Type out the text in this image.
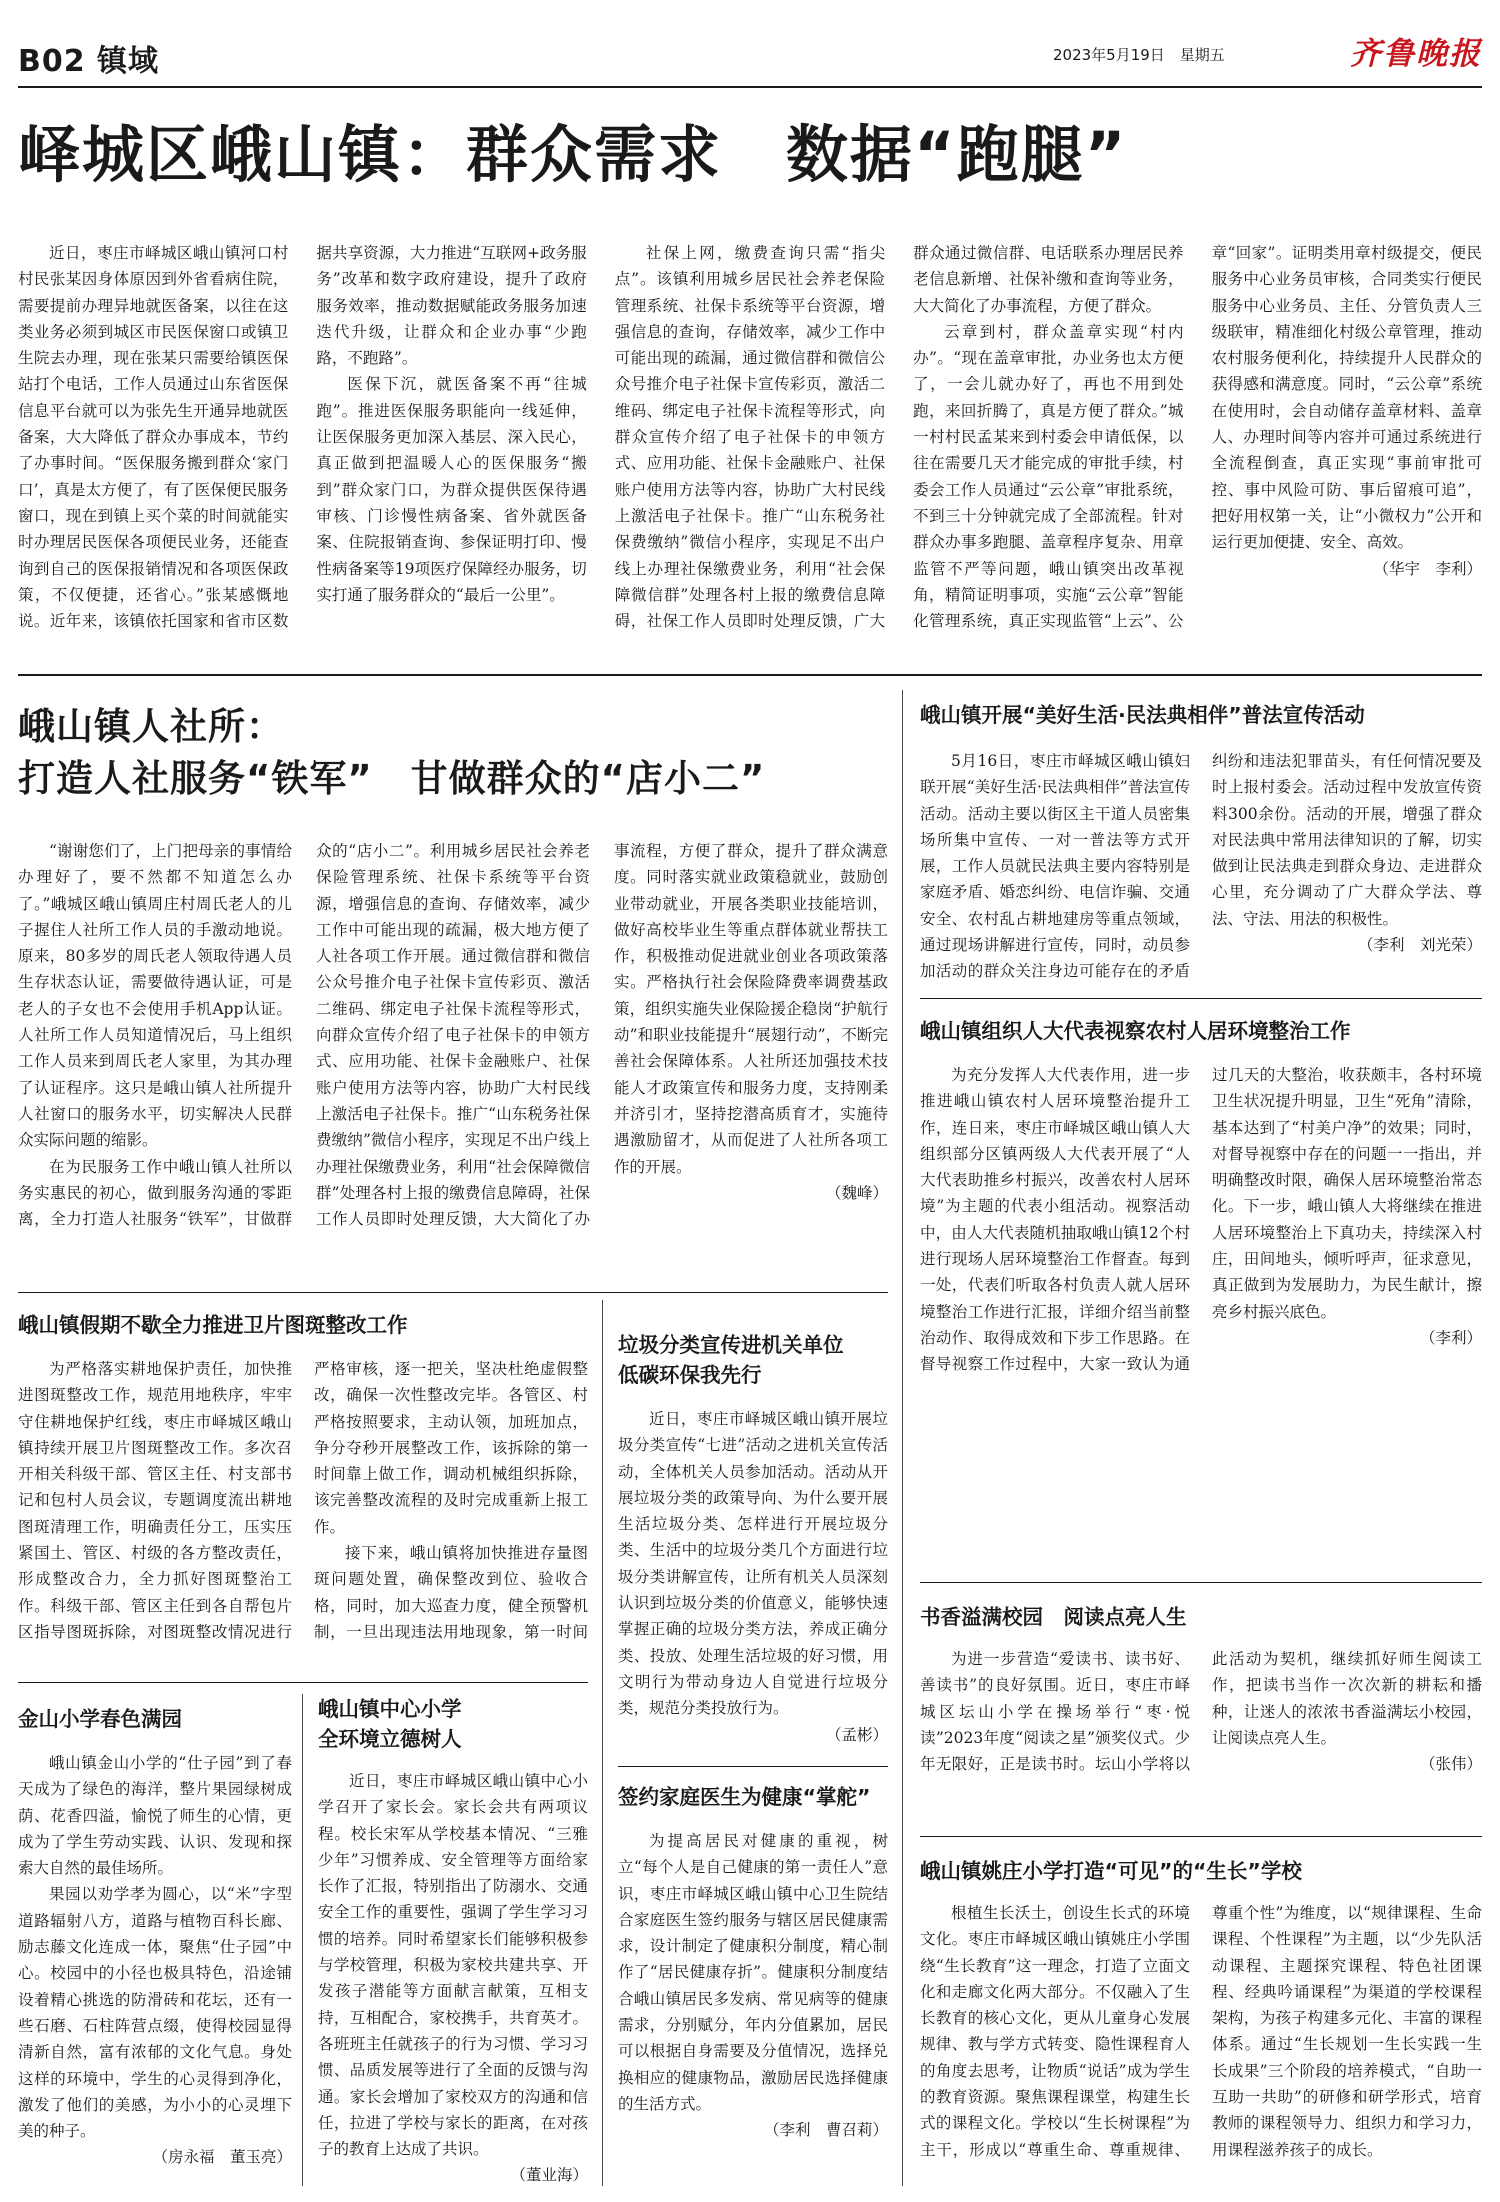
B02 镇域	2023年5月19日　星期五	齐鲁晚报
峄城区峨山镇：群众需求　数据“跑腿”

近日，枣庄市峄城区峨山镇河口村村民张某因身体原因到外省看病住院，需要提前办理异地就医备案，以往在这类业务必须到城区市民医保窗口或镇卫生院去办理，现在张某只需要给镇医保站打个电话，工作人员通过山东省医保信息平台就可以为张先生开通异地就医备案，大大降低了群众办事成本，节约了办事时间。“医保服务搬到群众‘家门口’，真是太方便了，有了医保便民服务窗口，现在到镇上买个菜的时间就能实时办理居民医保各项便民业务，还能查询到自己的医保报销情况和各项医保政策，不仅便捷，还省心。”张某感慨地说。近年来，该镇依托国家和省市区数据共享资源，大力推进“互联网+政务服务”改革和数字政府建设，提升了政府服务效率，推动数据赋能政务服务加速迭代升级，让群众和企业办事“少跑路，不跑路”。

医保下沉，就医备案不再“往城跑”。推进医保服务职能向一线延伸，让医保服务更加深入基层、深入民心，真正做到把温暖人心的医保服务“搬到”群众家门口，为群众提供医保待遇审核、门诊慢性病备案、省外就医备案、住院报销查询、参保证明打印、慢性病备案等19项医疗保障经办服务，切实打通了服务群众的“最后一公里”。

社保上网，缴费查询只需“指尖点”。该镇利用城乡居民社会养老保险管理系统、社保卡系统等平台资源，增强信息的查询，存储效率，减少工作中可能出现的疏漏，通过微信群和微信公众号推介电子社保卡宣传彩页，激活二维码、绑定电子社保卡流程等形式，向群众宣传介绍了电子社保卡的申领方式、应用功能、社保卡金融账户、社保账户使用方法等内容，协助广大村民线上激活电子社保卡。推广“山东税务社保费缴纳”微信小程序，实现足不出户线上办理社保缴费业务，利用“社会保障微信群”处理各村上报的缴费信息障碍，社保工作人员即时处理反馈，广大群众通过微信群、电话联系办理居民养老信息新增、社保补缴和查询等业务，大大简化了办事流程，方便了群众。

云章到村，群众盖章实现“村内办”。“现在盖章审批，办业务也太方便了，一会儿就办好了，再也不用到处跑，来回折腾了，真是方便了群众。”城一村村民孟某来到村委会申请低保，以往在需要几天才能完成的审批手续，村委会工作人员通过“云公章”审批系统，不到三十分钟就完成了全部流程。针对群众办事多跑腿、盖章程序复杂、用章监管不严等问题，峨山镇突出改革视角，精简证明事项，实施“云公章”智能化管理系统，真正实现监管“上云”、公章“回家”。证明类用章村级提交，便民服务中心业务员审核，合同类实行便民服务中心业务员、主任、分管负责人三级联审，精准细化村级公章管理，推动农村服务便利化，持续提升人民群众的获得感和满意度。同时，“云公章”系统在使用时，会自动储存盖章材料、盖章人、办理时间等内容并可通过系统进行全流程倒查，真正实现“事前审批可控、事中风险可防、事后留痕可追”，把好用权第一关，让“小微权力”公开和运行更加便捷、安全、高效。

（华宇　李利）

峨山镇人社所：
打造人社服务“铁军”　甘做群众的“店小二”

“谢谢您们了，上门把母亲的事情给办理好了，要不然都不知道怎么办了。”峨城区峨山镇周庄村周氏老人的儿子握住人社所工作人员的手激动地说。原来，80多岁的周氏老人领取待遇人员生存状态认证，需要做待遇认证，可是老人的子女也不会使用手机App认证。人社所工作人员知道情况后，马上组织工作人员来到周氏老人家里，为其办理了认证程序。这只是峨山镇人社所提升人社窗口的服务水平，切实解决人民群众实际问题的缩影。

在为民服务工作中峨山镇人社所以务实惠民的初心，做到服务沟通的零距离，全力打造人社服务“铁军”，甘做群众的“店小二”。利用城乡居民社会养老保险管理系统、社保卡系统等平台资源，增强信息的查询、存储效率，减少工作中可能出现的疏漏，极大地方便了人社各项工作开展。通过微信群和微信公众号推介电子社保卡宣传彩页、激活二维码、绑定电子社保卡流程等形式，向群众宣传介绍了电子社保卡的申领方式、应用功能、社保卡金融账户、社保账户使用方法等内容，协助广大村民线上激活电子社保卡。推广“山东税务社保费缴纳”微信小程序，实现足不出户线上办理社保缴费业务，利用“社会保障微信群”处理各村上报的缴费信息障碍，社保工作人员即时处理反馈，大大简化了办事流程，方便了群众，提升了群众满意度。同时落实就业政策稳就业，鼓励创业带动就业，开展各类职业技能培训，做好高校毕业生等重点群体就业帮扶工作，积极推动促进就业创业各项政策落实。严格执行社会保险降费率调费基政策，组织实施失业保险援企稳岗“护航行动”和职业技能提升“展翅行动”，不断完善社会保障体系。人社所还加强技术技能人才政策宣传和服务力度，支持刚柔并济引才，坚持挖潜高质育才，实施待遇激励留才，从而促进了人社所各项工作的开展。

（魏峰）

峨山镇开展“美好生活·民法典相伴”普法宣传活动

5月16日，枣庄市峄城区峨山镇妇联开展“美好生活·民法典相伴”普法宣传活动。活动主要以街区主干道人员密集场所集中宣传、一对一普法等方式开展，工作人员就民法典主要内容特别是家庭矛盾、婚恋纠纷、电信诈骗、交通安全、农村乱占耕地建房等重点领域，通过现场讲解进行宣传，同时，动员参加活动的群众关注身边可能存在的矛盾纠纷和违法犯罪苗头，有任何情况要及时上报村委会。活动过程中发放宣传资料300余份。活动的开展，增强了群众对民法典中常用法律知识的了解，切实做到让民法典走到群众身边、走进群众心里，充分调动了广大群众学法、尊法、守法、用法的积极性。

（李利　刘光荣）

峨山镇组织人大代表视察农村人居环境整治工作

为充分发挥人大代表作用，进一步推进峨山镇农村人居环境整治提升工作，连日来，枣庄市峄城区峨山镇人大组织部分区镇两级人大代表开展了“人大代表助推乡村振兴，改善农村人居环境”为主题的代表小组活动。视察活动中，由人大代表随机抽取峨山镇12个村进行现场人居环境整治工作督查。每到一处，代表们听取各村负责人就人居环境整治工作进行汇报，详细介绍当前整治动作、取得成效和下步工作思路。在督导视察工作过程中，大家一致认为通过几天的大整治，收获颇丰，各村环境卫生状况提升明显，卫生“死角”清除，基本达到了“村美户净”的效果；同时，对督导视察中存在的问题一一指出，并明确整改时限，确保人居环境整治常态化。下一步，峨山镇人大将继续在推进人居环境整治上下真功夫，持续深入村庄，田间地头，倾听呼声，征求意见，真正做到为发展助力，为民生献计，擦亮乡村振兴底色。

（李利）

书香溢满校园　阅读点亮人生

为进一步营造“爱读书、读书好、善读书”的良好氛围。近日，枣庄市峄城区坛山小学在操场举行“枣·悦读”2023年度“阅读之星”颁奖仪式。少年无限好，正是读书时。坛山小学将以此活动为契机，继续抓好师生阅读工作，把读书当作一次次新的耕耘和播种，让迷人的浓浓书香溢满坛小校园，让阅读点亮人生。

（张伟）

峨山镇姚庄小学打造“可见”的“生长”学校

根植生长沃土，创设生长式的环境文化。枣庄市峄城区峨山镇姚庄小学围绕“生长教育”这一理念，打造了立面文化和走廊文化两大部分。不仅融入了生长教育的核心文化，更从儿童身心发展规律、教与学方式转变、隐性课程育人的角度去思考，让物质“说话”成为学生的教育资源。聚焦课程课堂，构建生长式的课程文化。学校以“生长树课程”为主干，形成以“尊重生命、尊重规律、尊重个性”为维度，以“规律课程、生命课程、个性课程”为主题，以“少先队活动课程、主题探究课程、特色社团课程、经典吟诵课程”为渠道的学校课程架构，为孩子构建多元化、丰富的课程体系。通过“生长规划一生长实践一生长成果”三个阶段的培养模式，“自助一互助一共助”的研修和研学形式，培育教师的课程领导力、组织力和学习力，用课程滋养孩子的成长。

峨山镇假期不歇全力推进卫片图斑整改工作

为严格落实耕地保护责任，加快推进图斑整改工作，规范用地秩序，牢牢守住耕地保护红线，枣庄市峄城区峨山镇持续开展卫片图斑整改工作。多次召开相关科级干部、管区主任、村支部书记和包村人员会议，专题调度流出耕地图斑清理工作，明确责任分工，压实压紧国土、管区、村级的各方整改责任，形成整改合力，全力抓好图斑整治工作。科级干部、管区主任到各自帮包片区指导图斑拆除，对图斑整改情况进行严格审核，逐一把关，坚决杜绝虚假整改，确保一次性整改完毕。各管区、村严格按照要求，主动认领，加班加点，争分夺秒开展整改工作，该拆除的第一时间靠上做工作，调动机械组织拆除，该完善整改流程的及时完成重新上报工作。

接下来，峨山镇将加快推进存量图斑问题处置，确保整改到位、验收合格，同时，加大巡查力度，健全预警机制，一旦出现违法用地现象，第一时间

垃圾分类宣传进机关单位
低碳环保我先行

近日，枣庄市峄城区峨山镇开展垃圾分类宣传“七进”活动之进机关宣传活动，全体机关人员参加活动。活动从开展垃圾分类的政策导向、为什么要开展生活垃圾分类、怎样进行开展垃圾分类、生活中的垃圾分类几个方面进行垃圾分类讲解宣传，让所有机关人员深刻认识到垃圾分类的价值意义，能够快速掌握正确的垃圾分类方法，养成正确分类、投放、处理生活垃圾的好习惯，用文明行为带动身边人自觉进行垃圾分类，规范分类投放行为。

（孟彬）

签约家庭医生为健康“掌舵”

为提高居民对健康的重视，树立“每个人是自己健康的第一责任人”意识，枣庄市峄城区峨山镇中心卫生院结合家庭医生签约服务与辖区居民健康需求，设计制定了健康积分制度，精心制作了“居民健康存折”。健康积分制度结合峨山镇居民多发病、常见病等的健康需求，分别赋分，年内分值累加，居民可以根据自身需要及分值情况，选择兑换相应的健康物品，激励居民选择健康的生活方式。

（李利　曹召莉）

金山小学春色满园

峨山镇金山小学的“仕子园”到了春天成为了绿色的海洋，整片果园绿树成荫、花香四溢，愉悦了师生的心情，更成为了学生劳动实践、认识、发现和探索大自然的最佳场所。

果园以劝学孝为圆心，以“米”字型道路辐射八方，道路与植物百科长廊、励志藤文化连成一体，聚焦“仕子园”中心。校园中的小径也极具特色，沿途铺设着精心挑选的防滑砖和花坛，还有一些石磨、石柱阵营点缀，使得校园显得清新自然，富有浓郁的文化气息。身处这样的环境中，学生的心灵得到净化，激发了他们的美感，为小小的心灵埋下美的种子。

（房永福　董玉亮）

峨山镇中心小学
全环境立德树人

近日，枣庄市峄城区峨山镇中心小学召开了家长会。家长会共有两项议程。校长宋军从学校基本情况、“三雅少年”习惯养成、安全管理等方面给家长作了汇报，特别指出了防溺水、交通安全工作的重要性，强调了学生学习习惯的培养。同时希望家长们能够积极参与学校管理，积极为家校共建共享、开发孩子潜能等方面献言献策，互相支持，互相配合，家校携手，共育英才。各班班主任就孩子的行为习惯、学习习惯、品质发展等进行了全面的反馈与沟通。家长会增加了家校双方的沟通和信任，拉进了学校与家长的距离，在对孩子的教育上达成了共识。

（董业海）
